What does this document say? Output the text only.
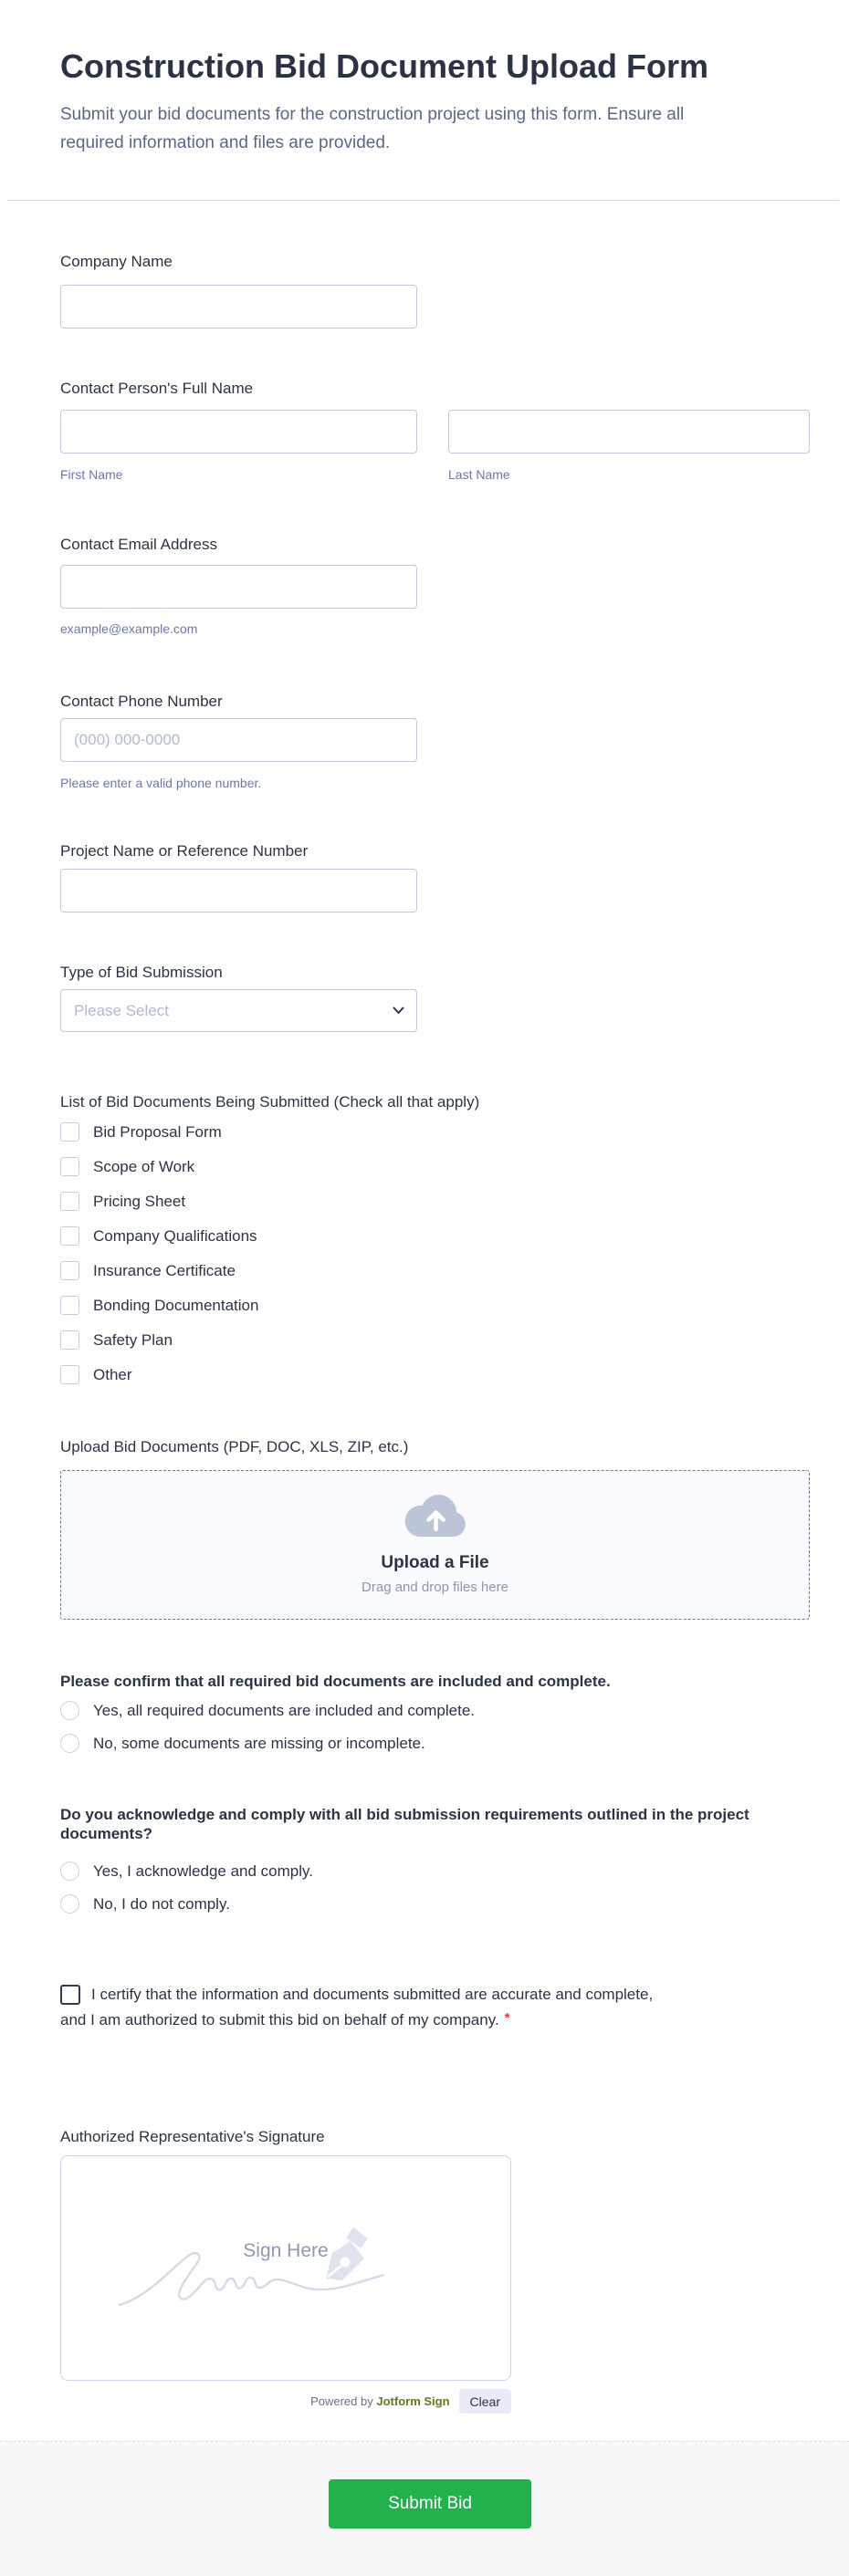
Construction Bid Document Upload Form
Submit your bid documents for the construction project using this form. Ensure all required information and files are provided.
Company Name
Contact Person's Full Name
First Name	Last Name
Contact Email Address
example@example.com
Contact Phone Number
(000) 000-0000
Please enter a valid phone number.
Project Name or Reference Number
Type of Bid Submission
Please Select
List of Bid Documents Being Submitted (Check all that apply)
Bid Proposal Form
Scope of Work
Pricing Sheet
Company Qualifications
Insurance Certificate
Bonding Documentation
Safety Plan
Other
Upload Bid Documents (PDF, DOC, XLS, ZIP, etc.)
Upload a File
Drag and drop files here
Please confirm that all required bid documents are included and complete.
Yes, all required documents are included and complete.
No, some documents are missing or incomplete.
Do you acknowledge and comply with all bid submission requirements outlined in the project documents?
Yes, I acknowledge and comply.
No, I do not comply.
I certify that the information and documents submitted are accurate and complete, and I am authorized to submit this bid on behalf of my company. *
Authorized Representative's Signature
Sign Here
Powered by Jotform Sign	Clear
Submit Bid
